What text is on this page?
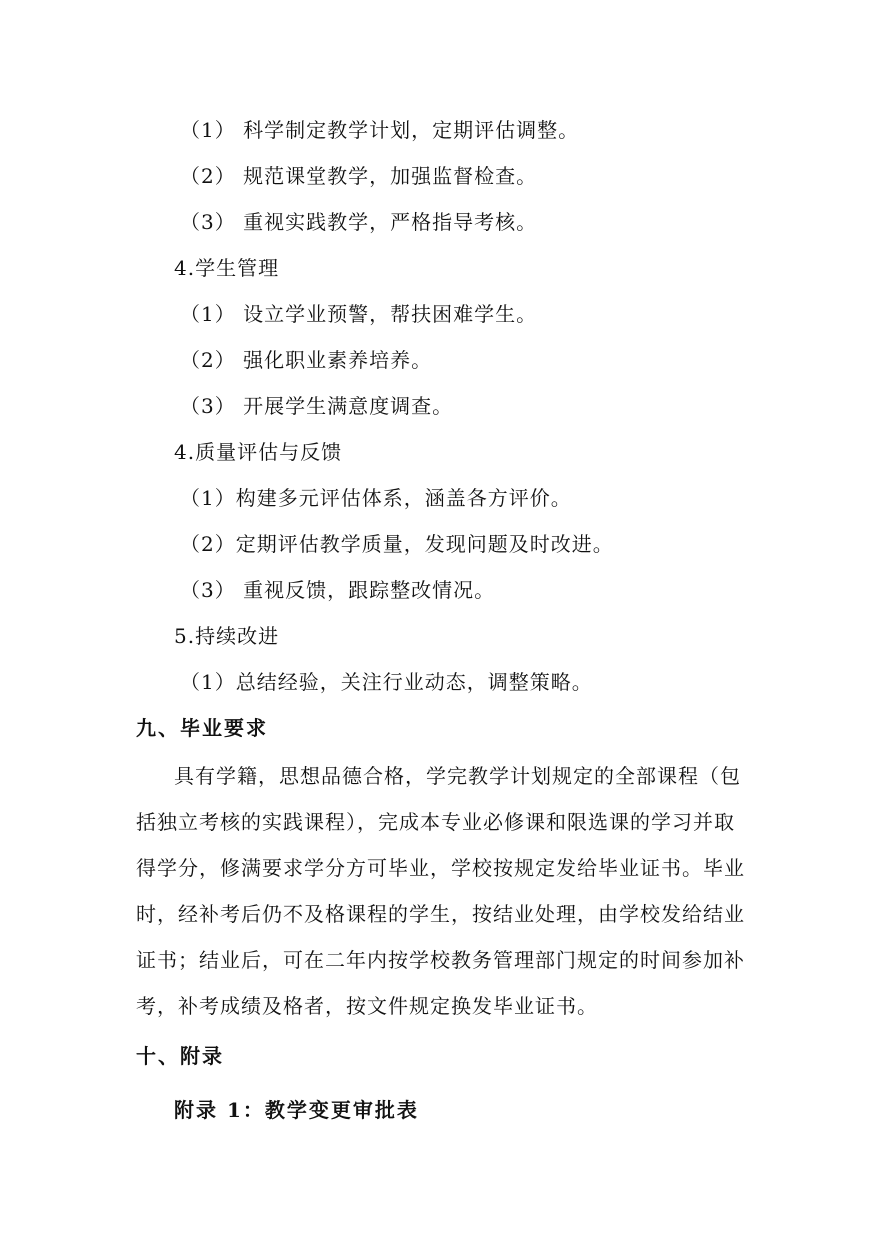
（1） 科学制定教学计划，定期评估调整。
（2） 规范课堂教学，加强监督检查。
（3） 重视实践教学，严格指导考核。
4.学生管理
（1） 设立学业预警，帮扶困难学生。
（2） 强化职业素养培养。
（3） 开展学生满意度调查。
4.质量评估与反馈
（1）构建多元评估体系，涵盖各方评价。
（2）定期评估教学质量，发现问题及时改进。
（3） 重视反馈，跟踪整改情况。
5.持续改进
（1）总结经验，关注行业动态，调整策略。
九、毕业要求
具有学籍，思想品德合格，学完教学计划规定的全部课程（包
括独立考核的实践课程），完成本专业必修课和限选课的学习并取
得学分，修满要求学分方可毕业，学校按规定发给毕业证书。毕业
时，经补考后仍不及格课程的学生，按结业处理，由学校发给结业
证书；结业后，可在二年内按学校教务管理部门规定的时间参加补
考，补考成绩及格者，按文件规定换发毕业证书。
十、附录
附录 1：教学变更审批表
